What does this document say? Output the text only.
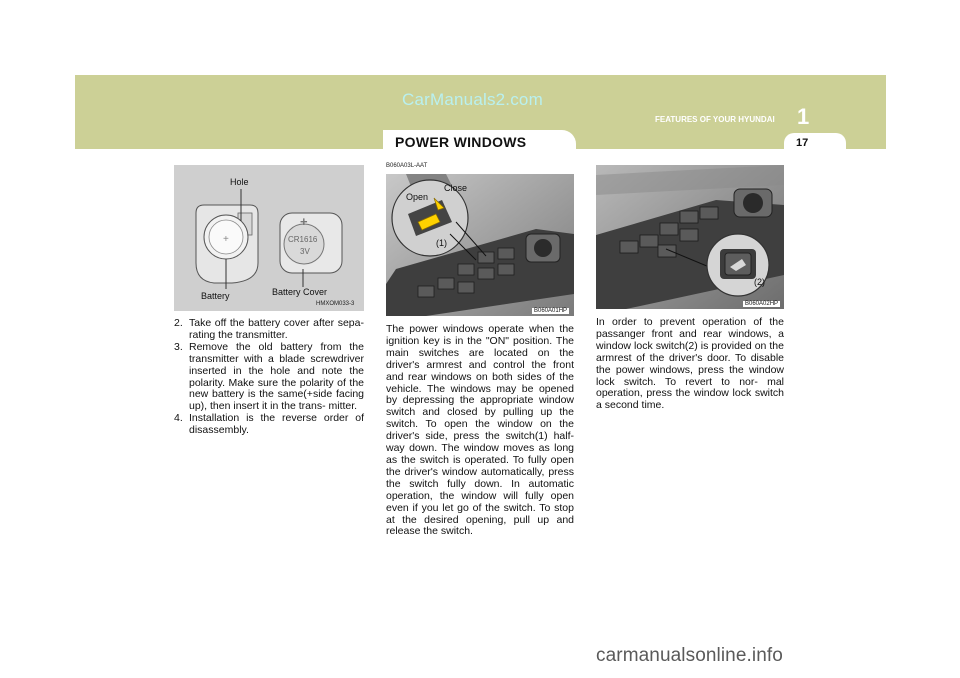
CarManuals2.com
POWER WINDOWS
FEATURES OF YOUR HYUNDAI 1
17
+
Hole
+
CR1616
3V
Battery	Battery Cover
HMXOM033-3
2. Take off the battery cover after sepa- rating the transmitter.
3. Remove the old battery from the transmitter with a blade screwdriver inserted in the hole and note the polarity. Make sure the polarity of the new battery is the same(+side facing up), then insert it in the trans- mitter.
4. Installation is the reverse order of disassembly.
B060A03L-AAT
Open
Close
(1)
B060A01HP
The power windows operate when the ignition key is in the "ON" position. The main switches are located on the driver's armrest and control the front and rear windows on both sides of the vehicle. The windows may be opened by depressing the appropriate window switch and closed by pulling up the switch. To open the window on the driver's side, press the switch(1) half- way down. The window moves as long as the switch is operated. To fully open the driver's window automatically, press the switch fully down. In automatic operation, the window will fully open even if you let go of the switch. To stop at the desired opening, pull up and release the switch.
(2)
B060A02HP
In order to prevent operation of the passanger front and rear windows, a window lock switch(2) is provided on the armrest of the driver's door. To disable the power windows, press the window lock switch. To revert to nor- mal operation, press the window lock switch a second time.
carmanualsonline.info
